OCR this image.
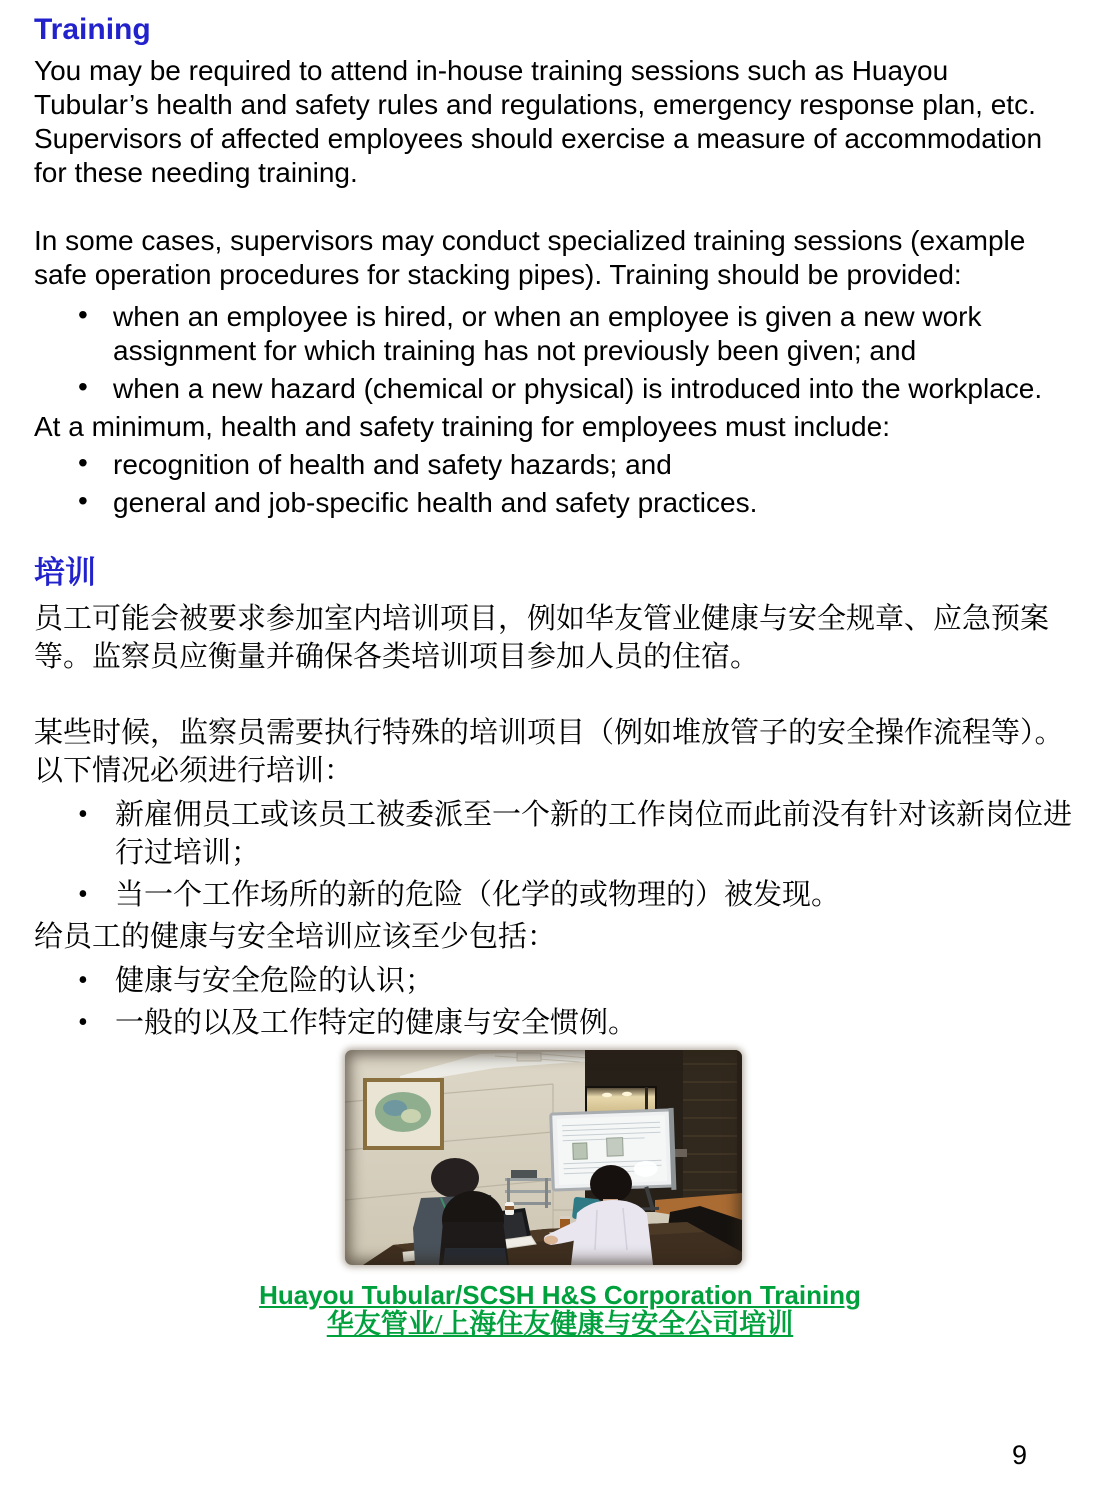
Training

You may be required to attend in-house training sessions such as Huayou Tubular’s health and safety rules and regulations, emergency response plan, etc. Supervisors of affected employees should exercise a measure of accommodation for these needing training.

In some cases, supervisors may conduct specialized training sessions (example safe operation procedures for stacking pipes). Training should be provided:

• when an employee is hired, or when an employee is given a new work assignment for which training has not previously been given; and
• when a new hazard (chemical or physical) is introduced into the workplace.

At a minimum, health and safety training for employees must include:

• recognition of health and safety hazards; and
• general and job-specific health and safety practices.
培训

员工可能会被要求参加室内培训项目，例如华友管业健康与安全规章、应急预案等。监察员应衡量并确保各类培训项目参加人员的住宿。

某些时候，监察员需要执行特殊的培训项目（例如堆放管子的安全操作流程等）。以下情况必须进行培训：

• 新雇佣员工或该员工被委派至一个新的工作岗位而此前没有针对该新岗位进行过培训；
• 当一个工作场所的新的危险（化学的或物理的）被发现。

给员工的健康与安全培训应该至少包括：

• 健康与安全危险的认识；
• 一般的以及工作特定的健康与安全惯例。

Huayou Tubular/SCSH H&S Corporation Training

华友管业/上海住友健康与安全公司培训

9
